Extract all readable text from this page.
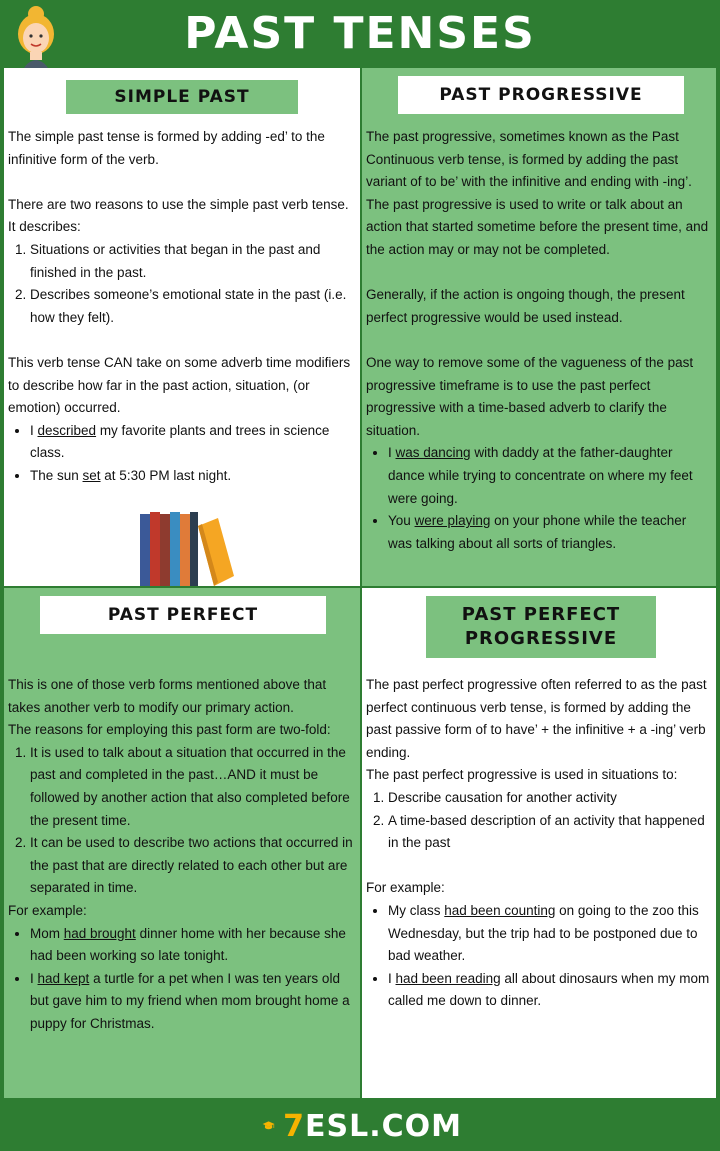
PAST TENSES
SIMPLE PAST

The simple past tense is formed by adding -ed’ to the infinitive form of the verb.

There are two reasons to use the simple past verb tense. It describes:

1. Situations or activities that began in the past and finished in the past.
2. Describes someone’s emotional state in the past (i.e. how they felt).

This verb tense CAN take on some adverb time modifiers to describe how far in the past action, situation, (or emotion) occurred.

• I described my favorite plants and trees in science class.
• The sun set at 5:30 PM last night.
PAST PROGRESSIVE

The past progressive, sometimes known as the Past Continuous verb tense, is formed by adding the past variant of to be’ with the infinitive and ending with -ing’. The past progressive is used to write or talk about an action that started sometime before the present time, and the action may or may not be completed.

Generally, if the action is ongoing though, the present perfect progressive would be used instead.

One way to remove some of the vagueness of the past progressive timeframe is to use the past perfect progressive with a time-based adverb to clarify the situation.

• I was dancing with daddy at the father-daughter dance while trying to concentrate on where my feet were going.
• You were playing on your phone while the teacher was talking about all sorts of triangles.
PAST PERFECT

This is one of those verb forms mentioned above that takes another verb to modify our primary action.

The reasons for employing this past form are two-fold:

1. It is used to talk about a situation that occurred in the past and completed in the past…AND it must be followed by another action that also completed before the present time.
2. It can be used to describe two actions that occurred in the past that are directly related to each other but are separated in time.

For example:

• Mom had brought dinner home with her because she had been working so late tonight.
• I had kept a turtle for a pet when I was ten years old but gave him to my friend when mom brought home a puppy for Christmas.
PAST PERFECT
PROGRESSIVE

The past perfect progressive often referred to as the past perfect continuous verb tense, is formed by adding the past passive form of to have’ + the infinitive + a -ing’ verb ending.

The past perfect progressive is used in situations to:

1. Describe causation for another activity
2. A time-based description of an activity that happened in the past

For example:

• My class had been counting on going to the zoo this Wednesday, but the trip had to be postponed due to bad weather.
• I had been reading all about dinosaurs when my mom called me down to dinner.
7ESL.COM
